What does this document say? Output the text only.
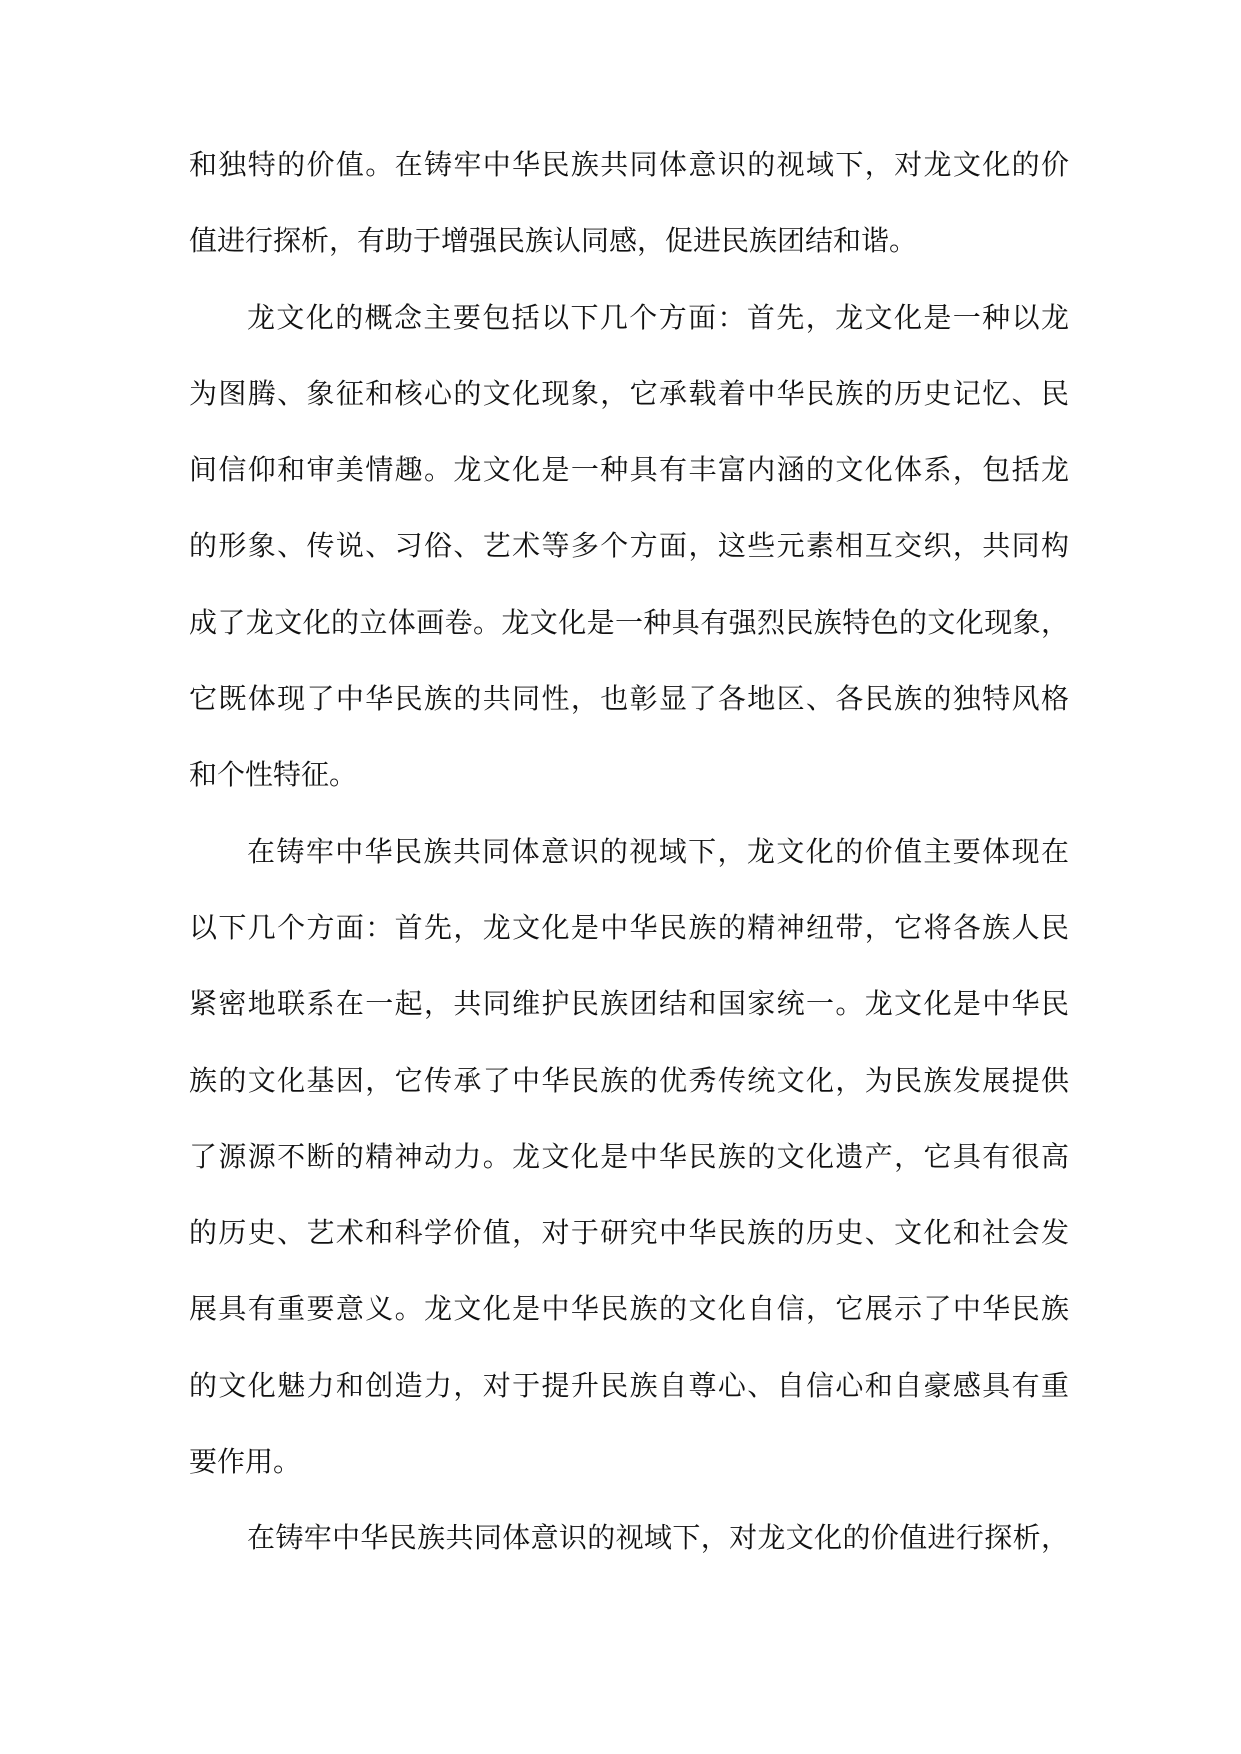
和独特的价值。在铸牢中华民族共同体意识的视域下，对龙文化的价
值进行探析，有助于增强民族认同感，促进民族团结和谐。
龙文化的概念主要包括以下几个方面：首先，龙文化是一种以龙
为图腾、象征和核心的文化现象，它承载着中华民族的历史记忆、民
间信仰和审美情趣。龙文化是一种具有丰富内涵的文化体系，包括龙
的形象、传说、习俗、艺术等多个方面，这些元素相互交织，共同构
成了龙文化的立体画卷。龙文化是一种具有强烈民族特色的文化现象，
它既体现了中华民族的共同性，也彰显了各地区、各民族的独特风格
和个性特征。
在铸牢中华民族共同体意识的视域下，龙文化的价值主要体现在
以下几个方面：首先，龙文化是中华民族的精神纽带，它将各族人民
紧密地联系在一起，共同维护民族团结和国家统一。龙文化是中华民
族的文化基因，它传承了中华民族的优秀传统文化，为民族发展提供
了源源不断的精神动力。龙文化是中华民族的文化遗产，它具有很高
的历史、艺术和科学价值，对于研究中华民族的历史、文化和社会发
展具有重要意义。龙文化是中华民族的文化自信，它展示了中华民族
的文化魅力和创造力，对于提升民族自尊心、自信心和自豪感具有重
要作用。
在铸牢中华民族共同体意识的视域下，对龙文化的价值进行探析，
